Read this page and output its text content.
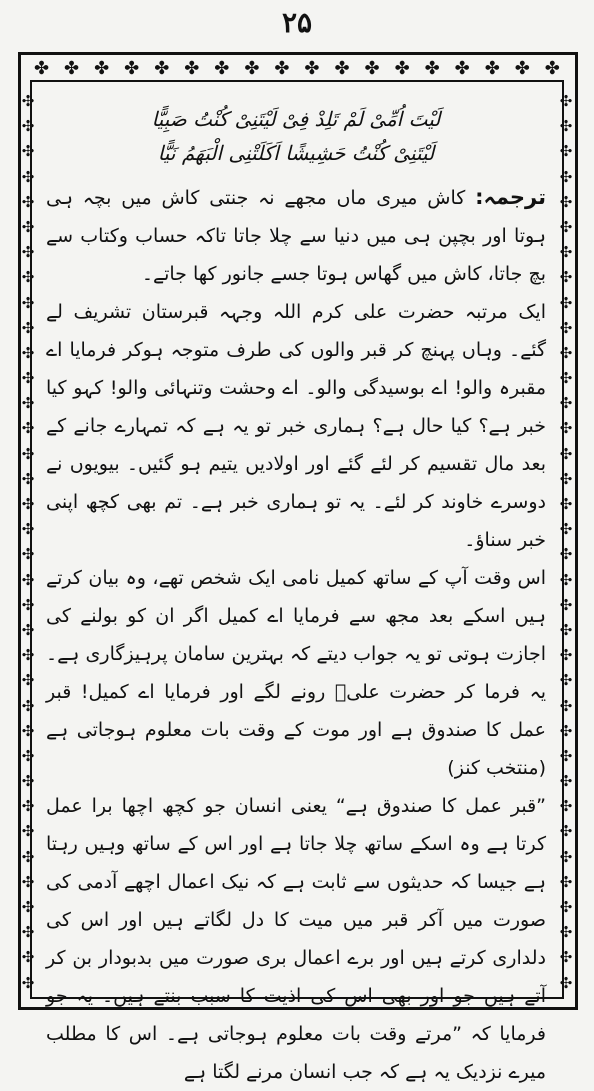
۲۵
✤ ✤ ✤ ✤ ✤ ✤ ✤ ✤ ✤ ✤ ✤ ✤ ✤ ✤ ✤ ✤ ✤ ✤
✣
✣
✣
✣
✣
✣
✣
✣
✣
✣
✣
✣
✣
✣
✣
✣
✣
✣
✣
✣
✣
✣
✣
✣
✣
✣
✣
✣
✣
✣
✣
✣
✣
✣
✣
✣
✣
✣
✣
✣
✣
✣
✣
✣
✣
✣
✣
✣
✣
✣
✣
✣
✣
✣
✣
✣
✣
✣
✣
✣
✣
✣
✣
✣
✣
✣
✣
✣
✣
✣
✣
✣

لَيْتَ اُمِّیْ لَمْ تَلِدْ فِیْ لَيْتَنِیْ كُنْتُ صَبِيًّا

لَيْتَنِیْ كُنْتُ حَشِيشًا اَكَلَتْنِی الْبَهَمُ نَيًّا

ترجمہ: کاش میری ماں مجھے نہ جنتی کاش میں بچہ ہی ہوتا اور بچپن ہی میں دنیا سے چلا جاتا تاکہ حساب وکتاب سے بچ جاتا، کاش میں گھاس ہوتا جسے جانور کھا جاتے۔

ایک مرتبہ حضرت علی کرم اللہ وجہہ قبرستان تشریف لے گئے۔ وہاں پہنچ کر قبر والوں کی طرف متوجہ ہوکر فرمایا اے مقبرہ والو! اے بوسیدگی والو۔ اے وحشت وتنہائی والو! کہو کیا خبر ہے؟ کیا حال ہے؟ ہماری خبر تو یہ ہے کہ تمہارے جانے کے بعد مال تقسیم کر لئے گئے اور اولادیں یتیم ہو گئیں۔ بیویوں نے دوسرے خاوند کر لئے۔ یہ تو ہماری خبر ہے۔ تم بھی کچھ اپنی خبر سناؤ۔

اس وقت آپ کے ساتھ کمیل نامی ایک شخص تھے، وہ بیان کرتے ہیں اسکے بعد مجھ سے فرمایا اے کمیل اگر ان کو بولنے کی اجازت ہوتی تو یہ جواب دیتے کہ بہترین سامان پرہیزگاری ہے۔ یہ فرما کر حضرت علیؓ رونے لگے اور فرمایا اے کمیل! قبر عمل کا صندوق ہے اور موت کے وقت بات معلوم ہوجاتی ہے (منتخب کنز)

”قبر عمل کا صندوق ہے“ یعنی انسان جو کچھ اچھا برا عمل کرتا ہے وہ اسکے ساتھ چلا جاتا ہے اور اس کے ساتھ وہیں رہتا ہے جیسا کہ حدیثوں سے ثابت ہے کہ نیک اعمال اچھے آدمی کی صورت میں آکر قبر میں میت کا دل لگاتے ہیں اور اس کی دلداری کرتے ہیں اور برے اعمال بری صورت میں بدبودار بن کر آتے ہیں جو اور بھی اس کی اذیت کا سبب بنتے ہیں۔ یہ جو فرمایا کہ ”مرتے وقت بات معلوم ہوجاتی ہے۔ اس کا مطلب میرے نزدیک یہ ہے کہ جب انسان مرنے لگتا ہے
